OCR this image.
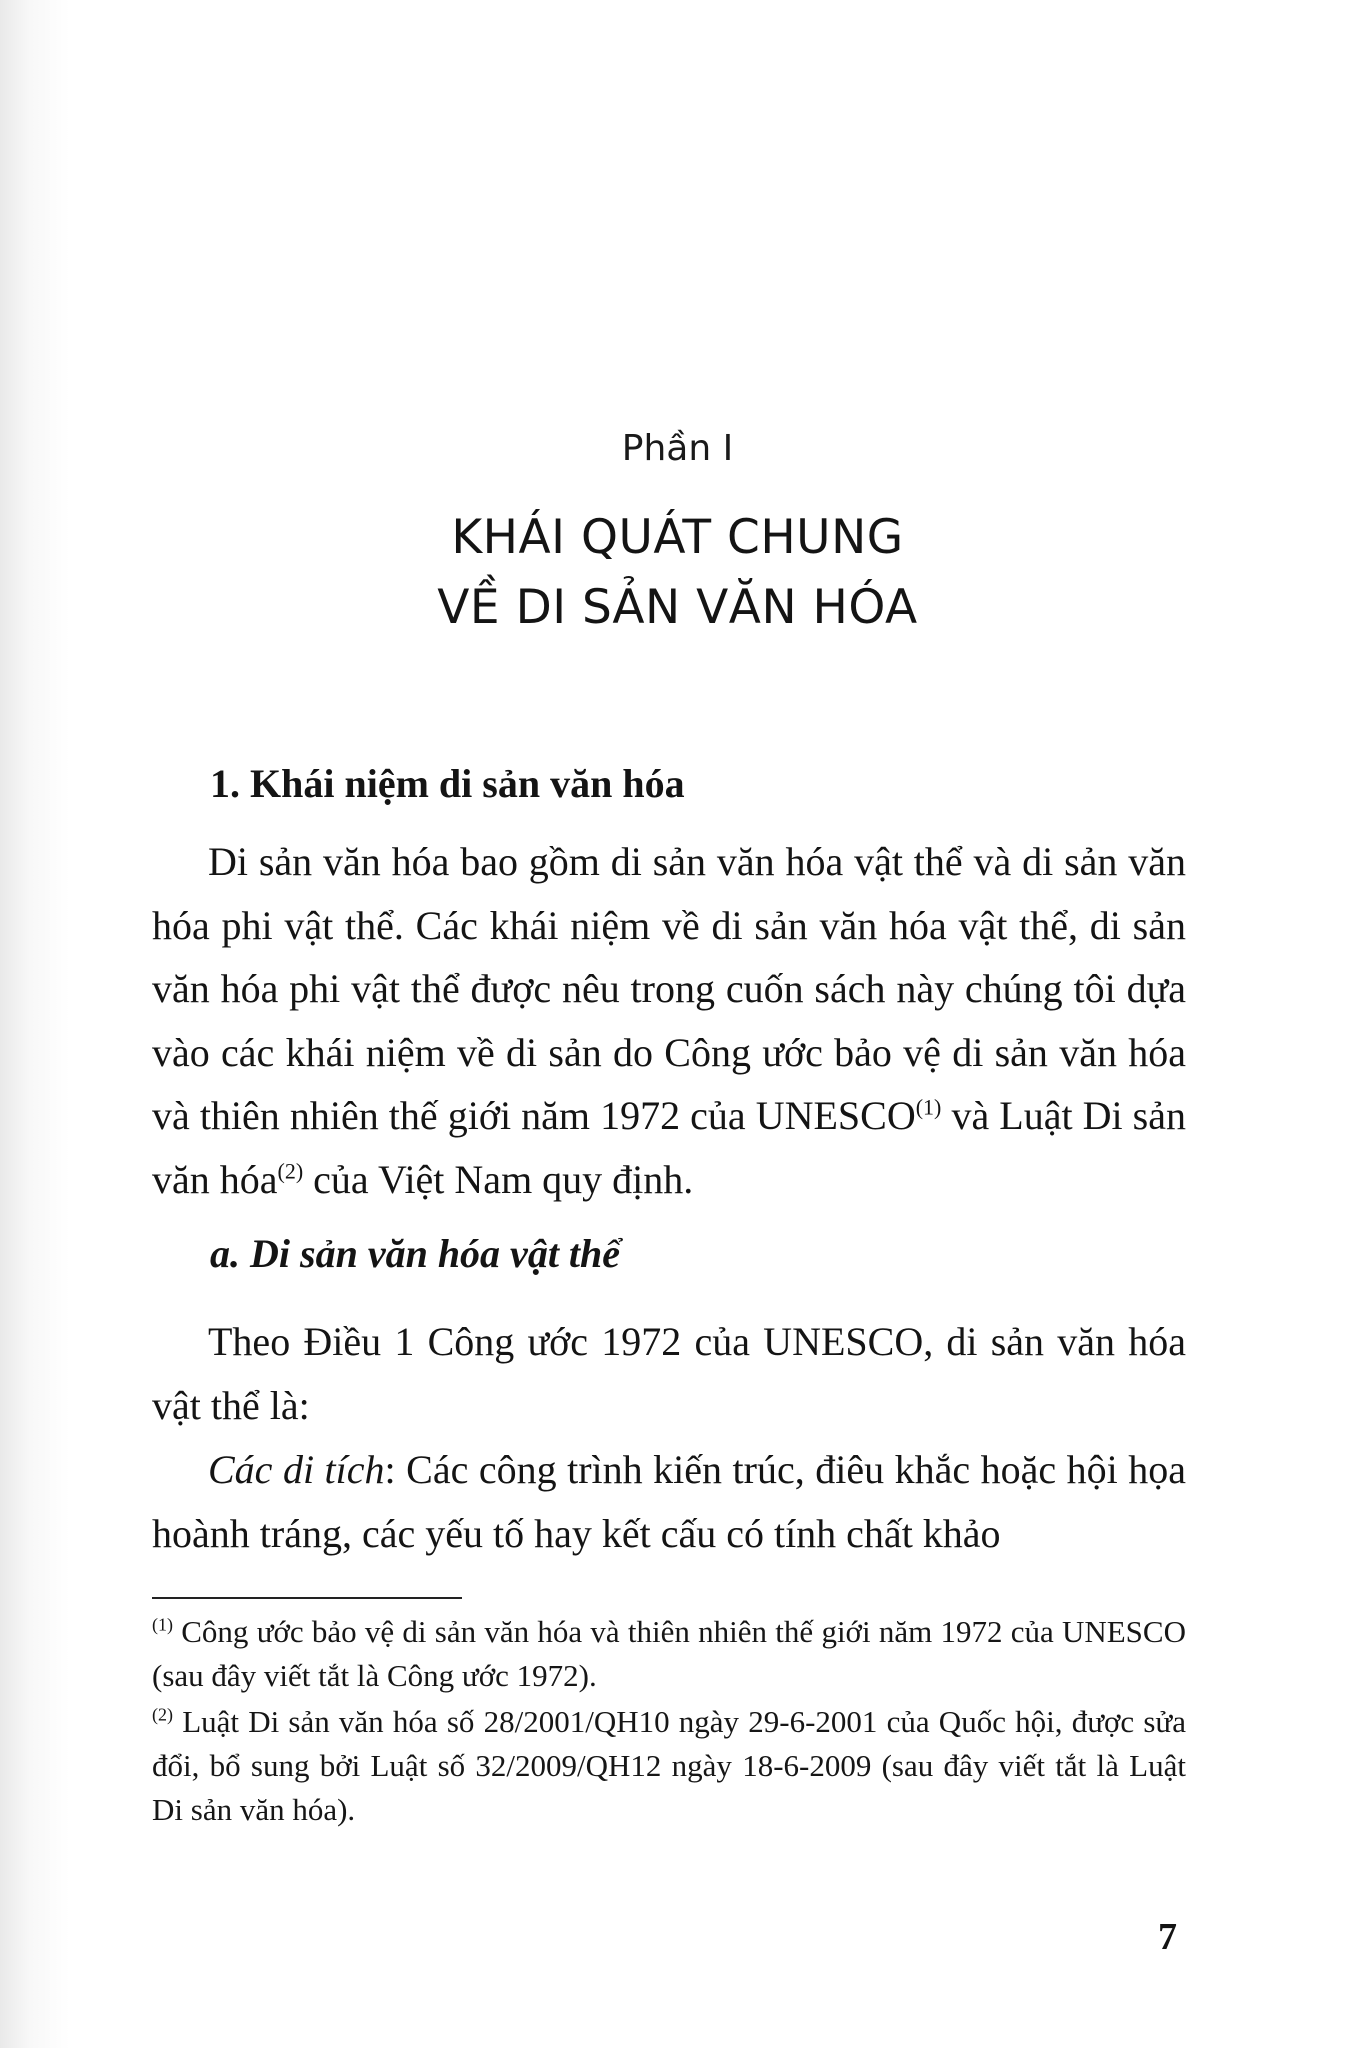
Phần I
KHÁI QUÁT CHUNG
VỀ DI SẢN VĂN HÓA
1. Khái niệm di sản văn hóa
Di sản văn hóa bao gồm di sản văn hóa vật thể và di sản văn hóa phi vật thể. Các khái niệm về di sản văn hóa vật thể, di sản văn hóa phi vật thể được nêu trong cuốn sách này chúng tôi dựa vào các khái niệm về di sản do Công ước bảo vệ di sản văn hóa và thiên nhiên thế giới năm 1972 của UNESCO$^{(1)}$ và Luật Di sản văn hóa$^{(2)}$ của Việt Nam quy định.
a. Di sản văn hóa vật thể
Theo Điều 1 Công ước 1972 của UNESCO, di sản văn hóa vật thể là:
Các di tích: Các công trình kiến trúc, điêu khắc hoặc hội họa hoành tráng, các yếu tố hay kết cấu có tính chất khảo
$^{(1)}$ Công ước bảo vệ di sản văn hóa và thiên nhiên thế giới năm 1972 của UNESCO (sau đây viết tắt là Công ước 1972).
$^{(2)}$ Luật Di sản văn hóa số 28/2001/QH10 ngày 29-6-2001 của Quốc hội, được sửa đổi, bổ sung bởi Luật số 32/2009/QH12 ngày 18-6-2009 (sau đây viết tắt là Luật Di sản văn hóa).
7
